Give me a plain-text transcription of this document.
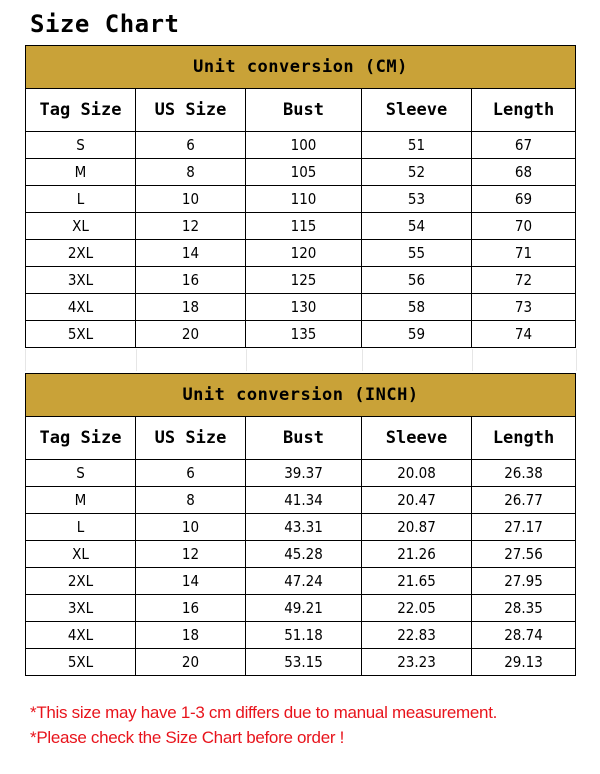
Size Chart
Unit conversion (CM)				
Tag Size	US Size	Bust	Sleeve	Length
S	6	100	51	67
M	8	105	52	68
L	10	110	53	69
XL	12	115	54	70
2XL	14	120	55	71
3XL	16	125	56	72
4XL	18	130	58	73
5XL	20	135	59	74
Unit conversion (INCH)				
Tag Size	US Size	Bust	Sleeve	Length
S	6	39.37	20.08	26.38
M	8	41.34	20.47	26.77
L	10	43.31	20.87	27.17
XL	12	45.28	21.26	27.56
2XL	14	47.24	21.65	27.95
3XL	16	49.21	22.05	28.35
4XL	18	51.18	22.83	28.74
5XL	20	53.15	23.23	29.13
*This size may have 1-3 cm differs due to manual measurement.
*Please check the Size Chart before order !
